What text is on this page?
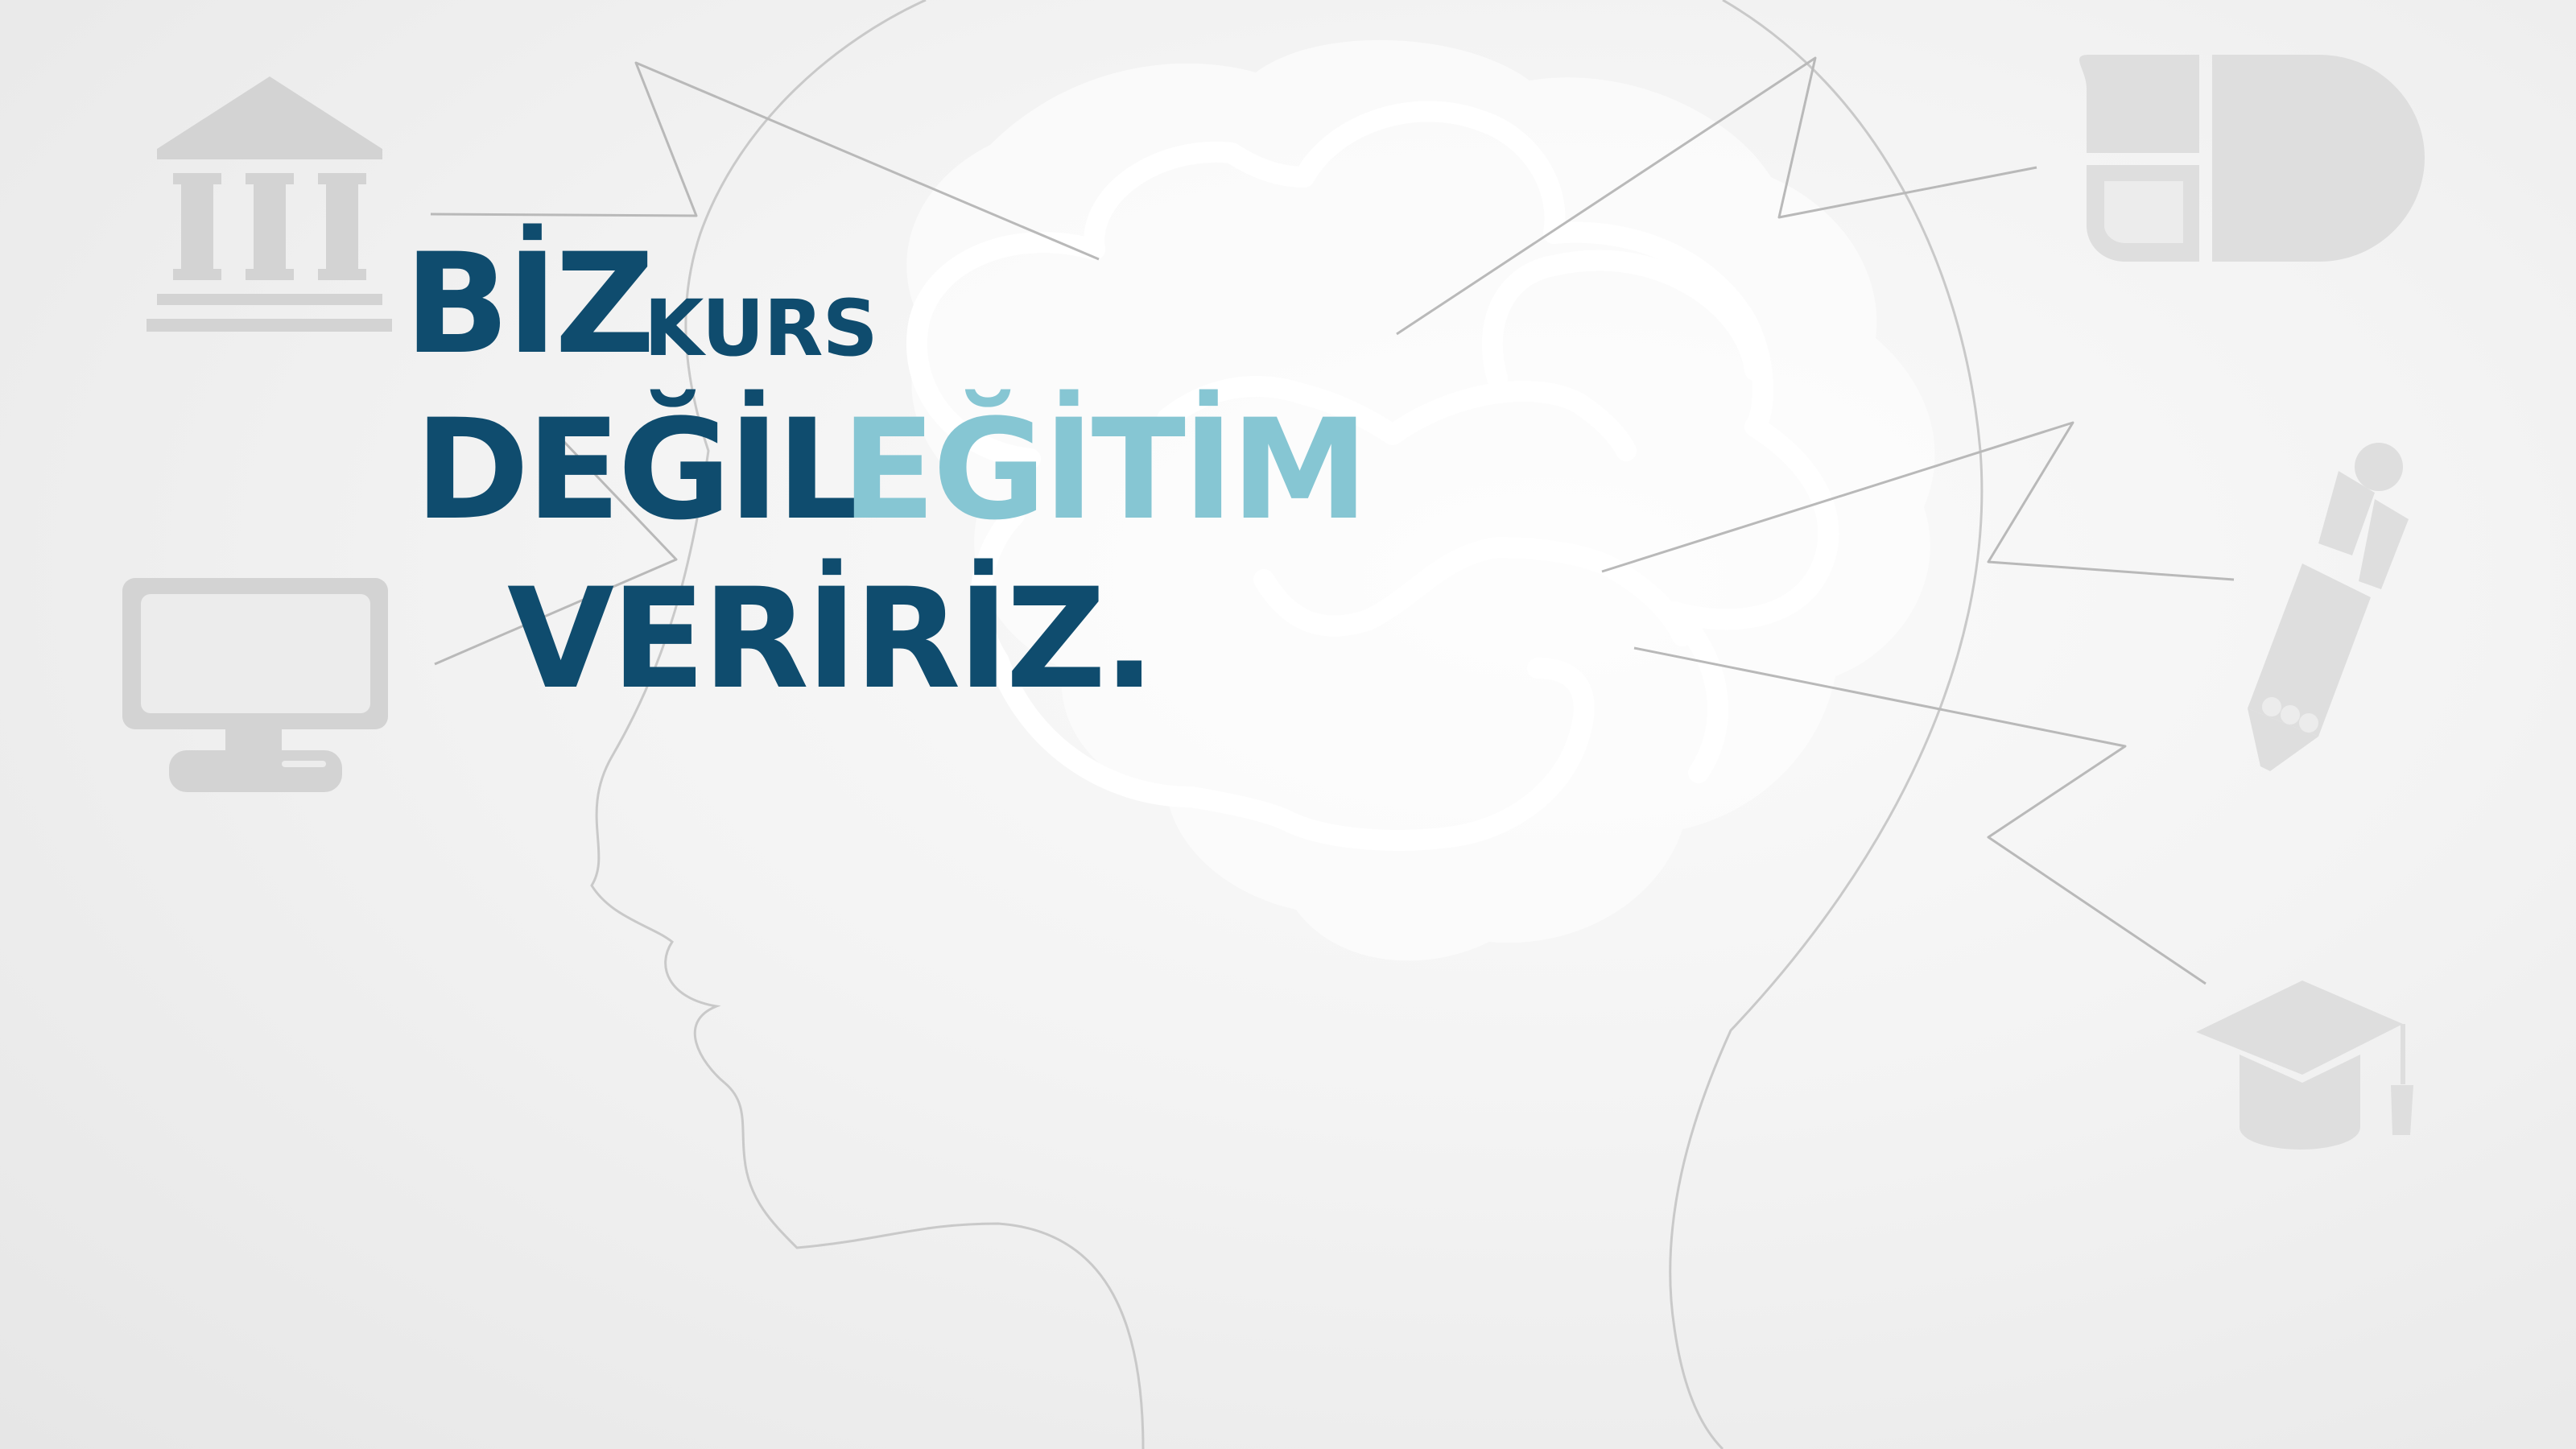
BİZ
KURS
DEĞİL
EĞİTİM
VERİRİZ.
